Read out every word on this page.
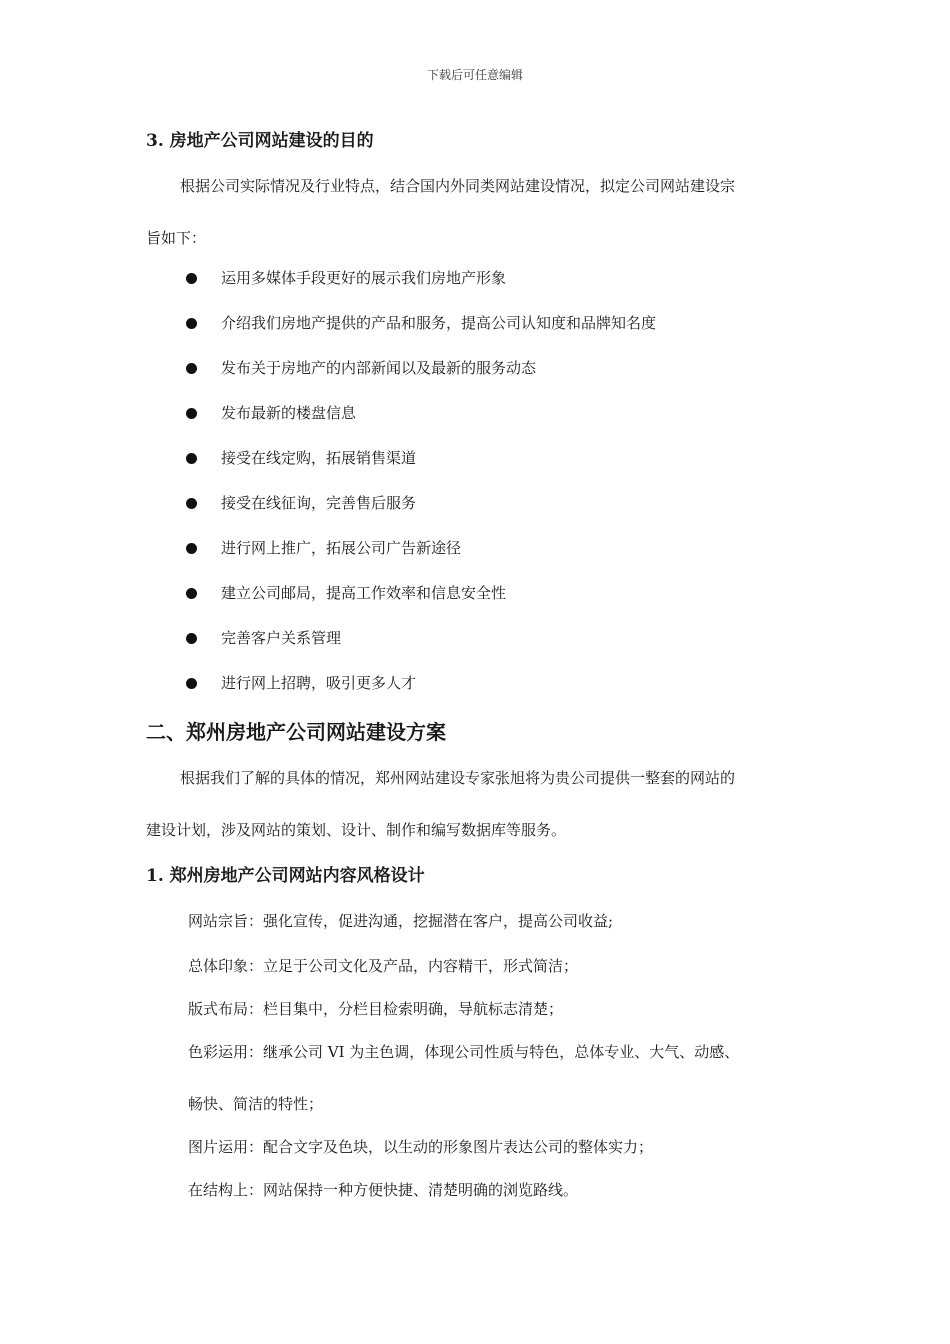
下载后可任意编辑
3. 房地产公司网站建设的目的
根据公司实际情况及行业特点，结合国内外同类网站建设情况，拟定公司网站建设宗
旨如下：
运用多媒体手段更好的展示我们房地产形象
介绍我们房地产提供的产品和服务，提高公司认知度和品牌知名度
发布关于房地产的内部新闻以及最新的服务动态
发布最新的楼盘信息
接受在线定购，拓展销售渠道
接受在线征询，完善售后服务
进行网上推广，拓展公司广告新途径
建立公司邮局，提高工作效率和信息安全性
完善客户关系管理
进行网上招聘，吸引更多人才
二、郑州房地产公司网站建设方案
根据我们了解的具体的情况，郑州网站建设专家张旭将为贵公司提供一整套的网站的
建设计划，涉及网站的策划、设计、制作和编写数据库等服务。
1. 郑州房地产公司网站内容风格设计
网站宗旨：强化宣传，促进沟通，挖掘潜在客户，提高公司收益;
总体印象：立足于公司文化及产品，内容精干，形式简洁；
版式布局：栏目集中，分栏目检索明确，导航标志清楚；
色彩运用：继承公司 VI 为主色调，体现公司性质与特色，总体专业、大气、动感、
畅快、简洁的特性；
图片运用：配合文字及色块，以生动的形象图片表达公司的整体实力；
在结构上：网站保持一种方便快捷、清楚明确的浏览路线。
